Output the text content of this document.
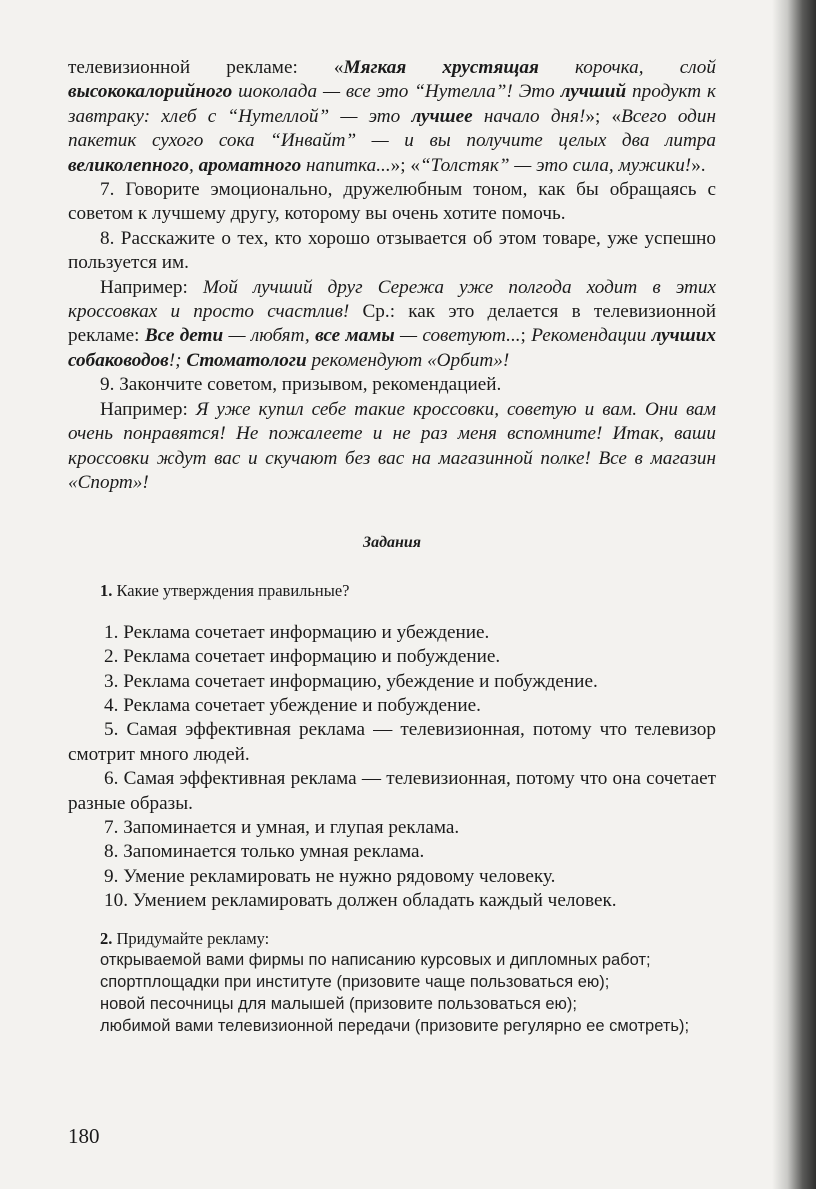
телевизионной рекламе: «Мягкая хрустящая корочка, слой высококалорийного шоколада — все это “Нутелла”! Это лучший продукт к завтраку: хлеб с “Нутеллой” — это лучшее начало дня!»; «Всего один пакетик сухого сока “Инвайт” — и вы получите целых два литра великолепного, ароматного напитка...»; «“Толстяк” — это сила, мужики!».

7. Говорите эмоционально, дружелюбным тоном, как бы обращаясь с советом к лучшему другу, которому вы очень хотите помочь.

8. Расскажите о тех, кто хорошо отзывается об этом товаре, уже успешно пользуется им.

Например: Мой лучший друг Сережа уже полгода ходит в этих кроссовках и просто счастлив! Ср.: как это делается в телевизионной рекламе: Все дети — любят, все мамы — советуют...; Рекомендации лучших собаководов!; Стоматологи рекомендуют «Орбит»!

9. Закончите советом, призывом, рекомендацией.

Например: Я уже купил себе такие кроссовки, советую и вам. Они вам очень понравятся! Не пожалеете и не раз меня вспомните! Итак, ваши кроссовки ждут вас и скучают без вас на магазинной полке! Все в магазин «Спорт»!

Задания

1. Какие утверждения правильные?

1. Реклама сочетает информацию и убеждение.

2. Реклама сочетает информацию и побуждение.

3. Реклама сочетает информацию, убеждение и побуждение.

4. Реклама сочетает убеждение и побуждение.

5. Самая эффективная реклама — телевизионная, потому что телевизор смотрит много людей.

6. Самая эффективная реклама — телевизионная, потому что она сочетает разные образы.

7. Запоминается и умная, и глупая реклама.

8. Запоминается только умная реклама.

9. Умение рекламировать не нужно рядовому человеку.

10. Умением рекламировать должен обладать каждый человек.

2. Придумайте рекламу:

открываемой вами фирмы по написанию курсовых и дипломных работ;

спортплощадки при институте (призовите чаще пользоваться ею);

новой песочницы для малышей (призовите пользоваться ею);

любимой вами телевизионной передачи (призовите регулярно ее смотреть);

180
